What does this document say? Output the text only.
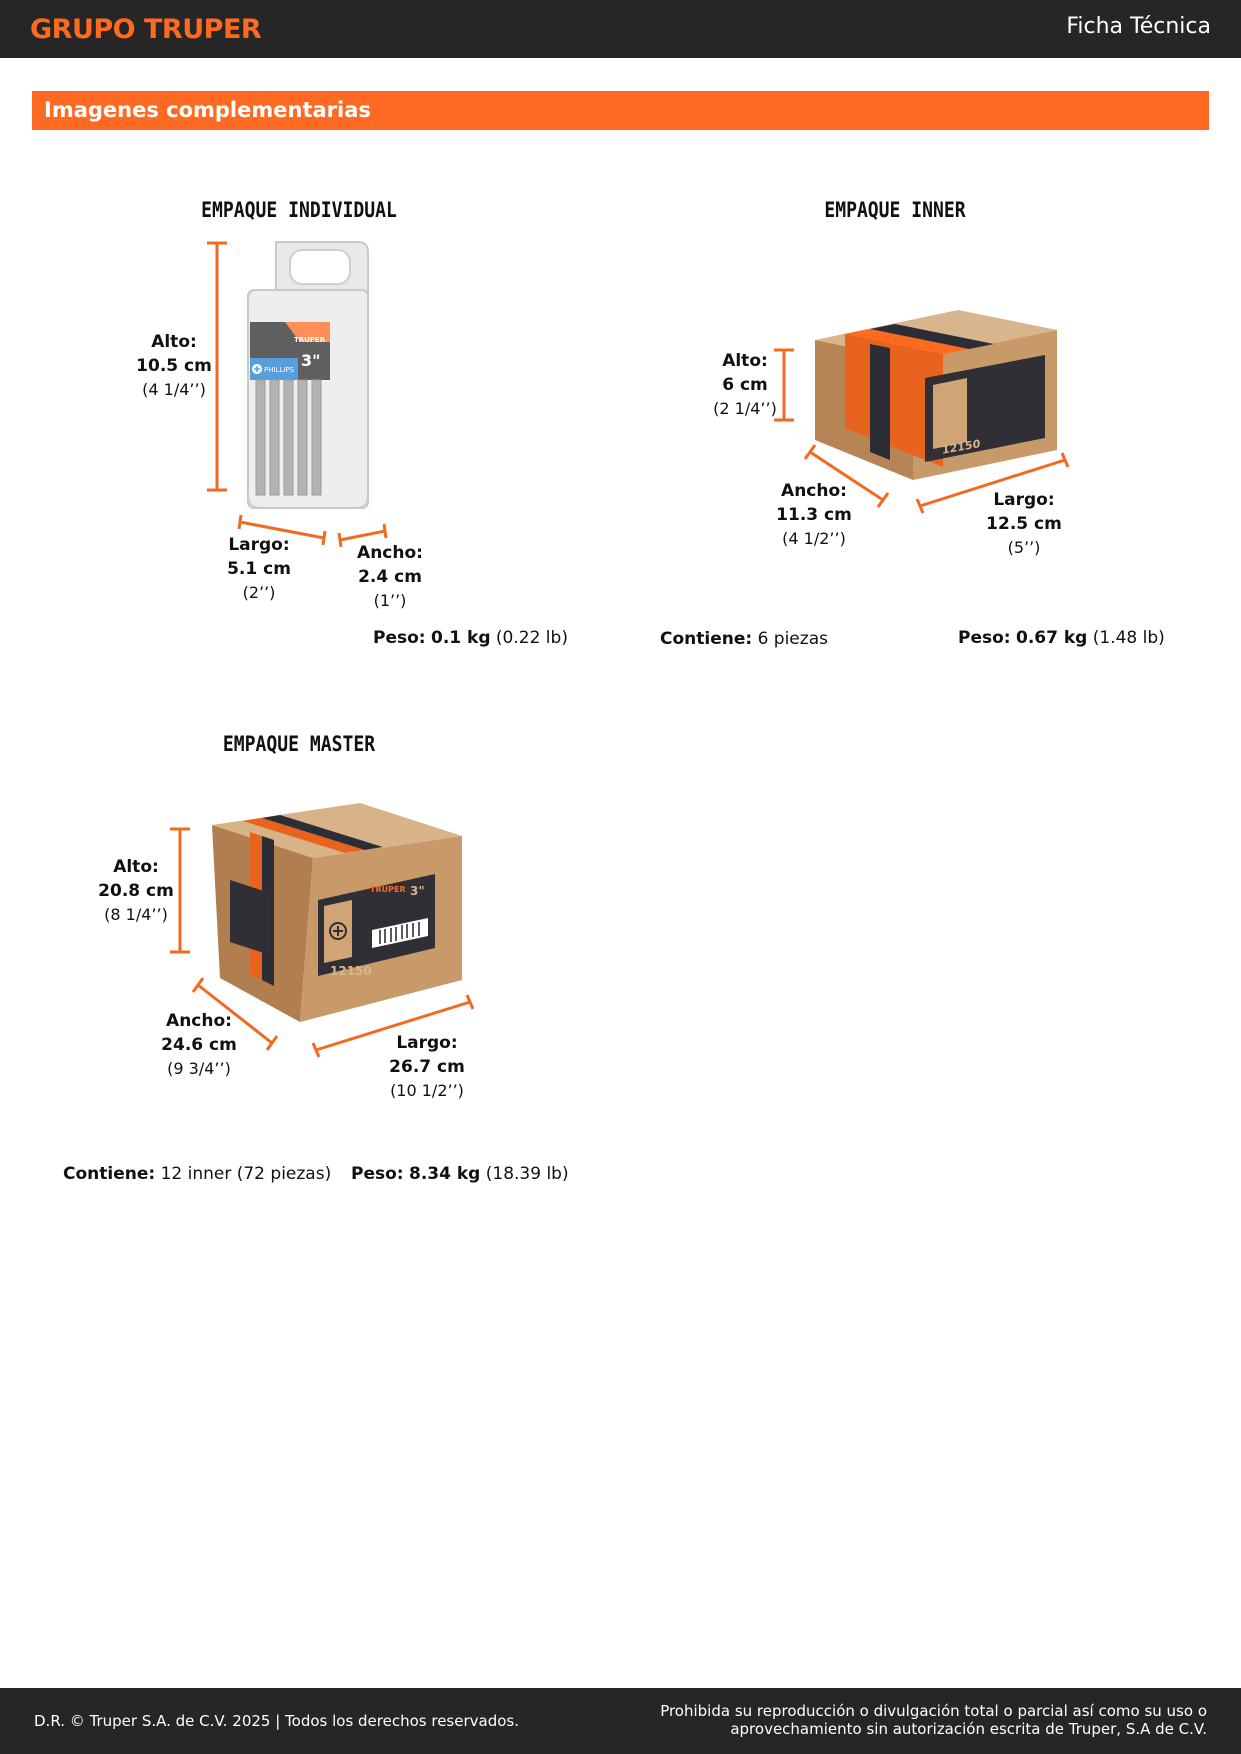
GRUPO TRUPER	Ficha Técnica
Imagenes complementarias
TRUPER
3"
PHILLIPS
12150
12150
3"
TRUPER
EMPAQUE INDIVIDUAL
Alto:
10.5 cm
(4 1/4’’)
Largo:
5.1 cm
(2’’)
Ancho:
2.4 cm
(1’’)
Peso: 0.1 kg (0.22 lb)
EMPAQUE INNER
Alto:
6 cm
(2 1/4’’)
Ancho:
11.3 cm
(4 1/2’’)
Largo:
12.5 cm
(5’’)
Contiene: 6 piezas	Peso: 0.67 kg (1.48 lb)
EMPAQUE MASTER
Alto:
20.8 cm
(8 1/4’’)
Ancho:
24.6 cm
(9 3/4’’)
Largo:
26.7 cm
(10 1/2’’)
Contiene: 12 inner (72 piezas) Peso: 8.34 kg (18.39 lb)
D.R. © Truper S.A. de C.V. 2025 | Todos los derechos reservados.
Prohibida su reproducción o divulgación total o parcial así como su uso o
aprovechamiento sin autorización escrita de Truper, S.A de C.V.
